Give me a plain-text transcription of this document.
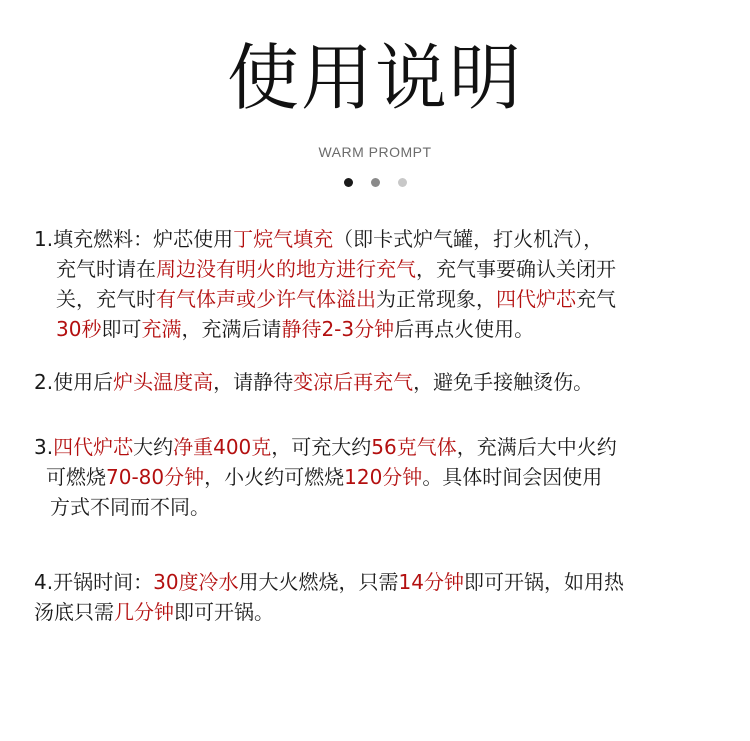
使用说明
WARM PROMPT
1.填充燃料：炉芯使用丁烷气填充（即卡式炉气罐，打火机汽），
充气时请在周边没有明火的地方进行充气，充气事要确认关闭开
关，充气时有气体声或少许气体溢出为正常现象，四代炉芯充气
30秒即可充满，充满后请静待2-3分钟后再点火使用。
2.使用后炉头温度高，请静待变凉后再充气，避免手接触烫伤。
3.四代炉芯大约净重400克，可充大约56克气体，充满后大中火约
可燃烧70-80分钟，小火约可燃烧120分钟。具体时间会因使用
方式不同而不同。
4.开锅时间：30度冷水用大火燃烧，只需14分钟即可开锅，如用热
汤底只需几分钟即可开锅。
